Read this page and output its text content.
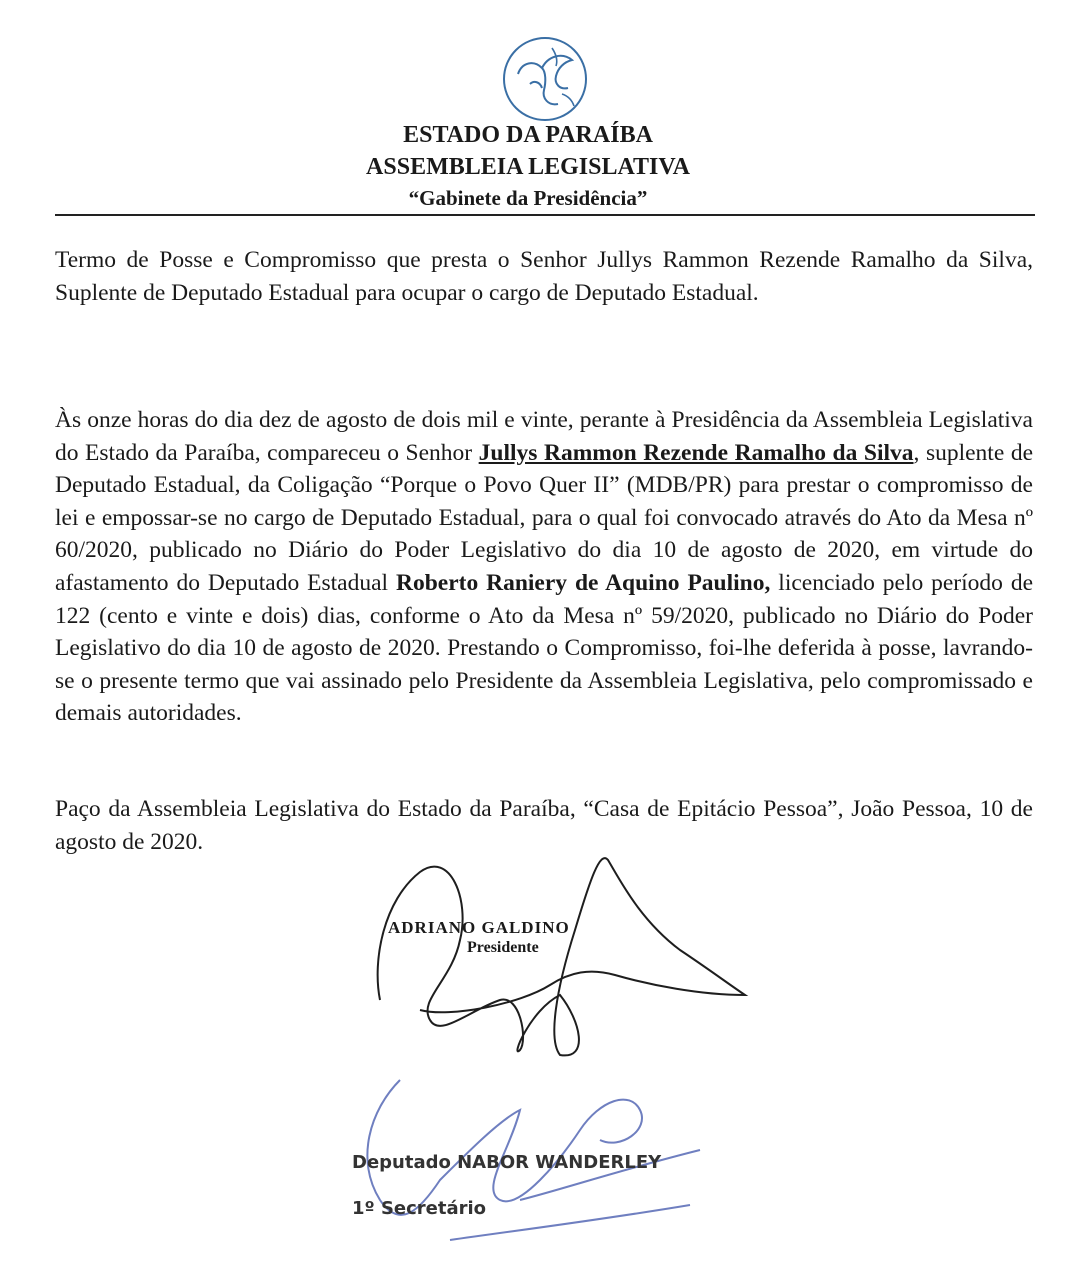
ESTADO DA PARAÍBA
ASSEMBLEIA LEGISLATIVA
“Gabinete da Presidência”

Termo de Posse e Compromisso que presta o Senhor Jullys Rammon Rezende Ramalho da Silva, Suplente de Deputado Estadual para ocupar o cargo de Deputado Estadual.

Às onze horas do dia dez de agosto de dois mil e vinte, perante à Presidência da Assembleia Legislativa do Estado da Paraíba, compareceu o Senhor Jullys Rammon Rezende Ramalho da Silva, suplente de Deputado Estadual, da Coligação “Porque o Povo Quer II” (MDB/PR) para prestar o compromisso de lei e empossar-se no cargo de Deputado Estadual, para o qual foi convocado através do Ato da Mesa nº 60/2020, publicado no Diário do Poder Legislativo do dia 10 de agosto de 2020, em virtude do afastamento do Deputado Estadual Roberto Raniery de Aquino Paulino, licenciado pelo período de 122 (cento e vinte e dois) dias, conforme o Ato da Mesa nº 59/2020, publicado no Diário do Poder Legislativo do dia 10 de agosto de 2020. Prestando o Compromisso, foi-lhe deferida à posse, lavrando-se o presente termo que vai assinado pelo Presidente da Assembleia Legislativa, pelo compromissado e demais autoridades.

Paço da Assembleia Legislativa do Estado da Paraíba, “Casa de Epitácio Pessoa”, João Pessoa, 10 de agosto de 2020.

ADRIANO GALDINO
Presidente
Deputado NABOR WANDERLEY
1º Secretário
